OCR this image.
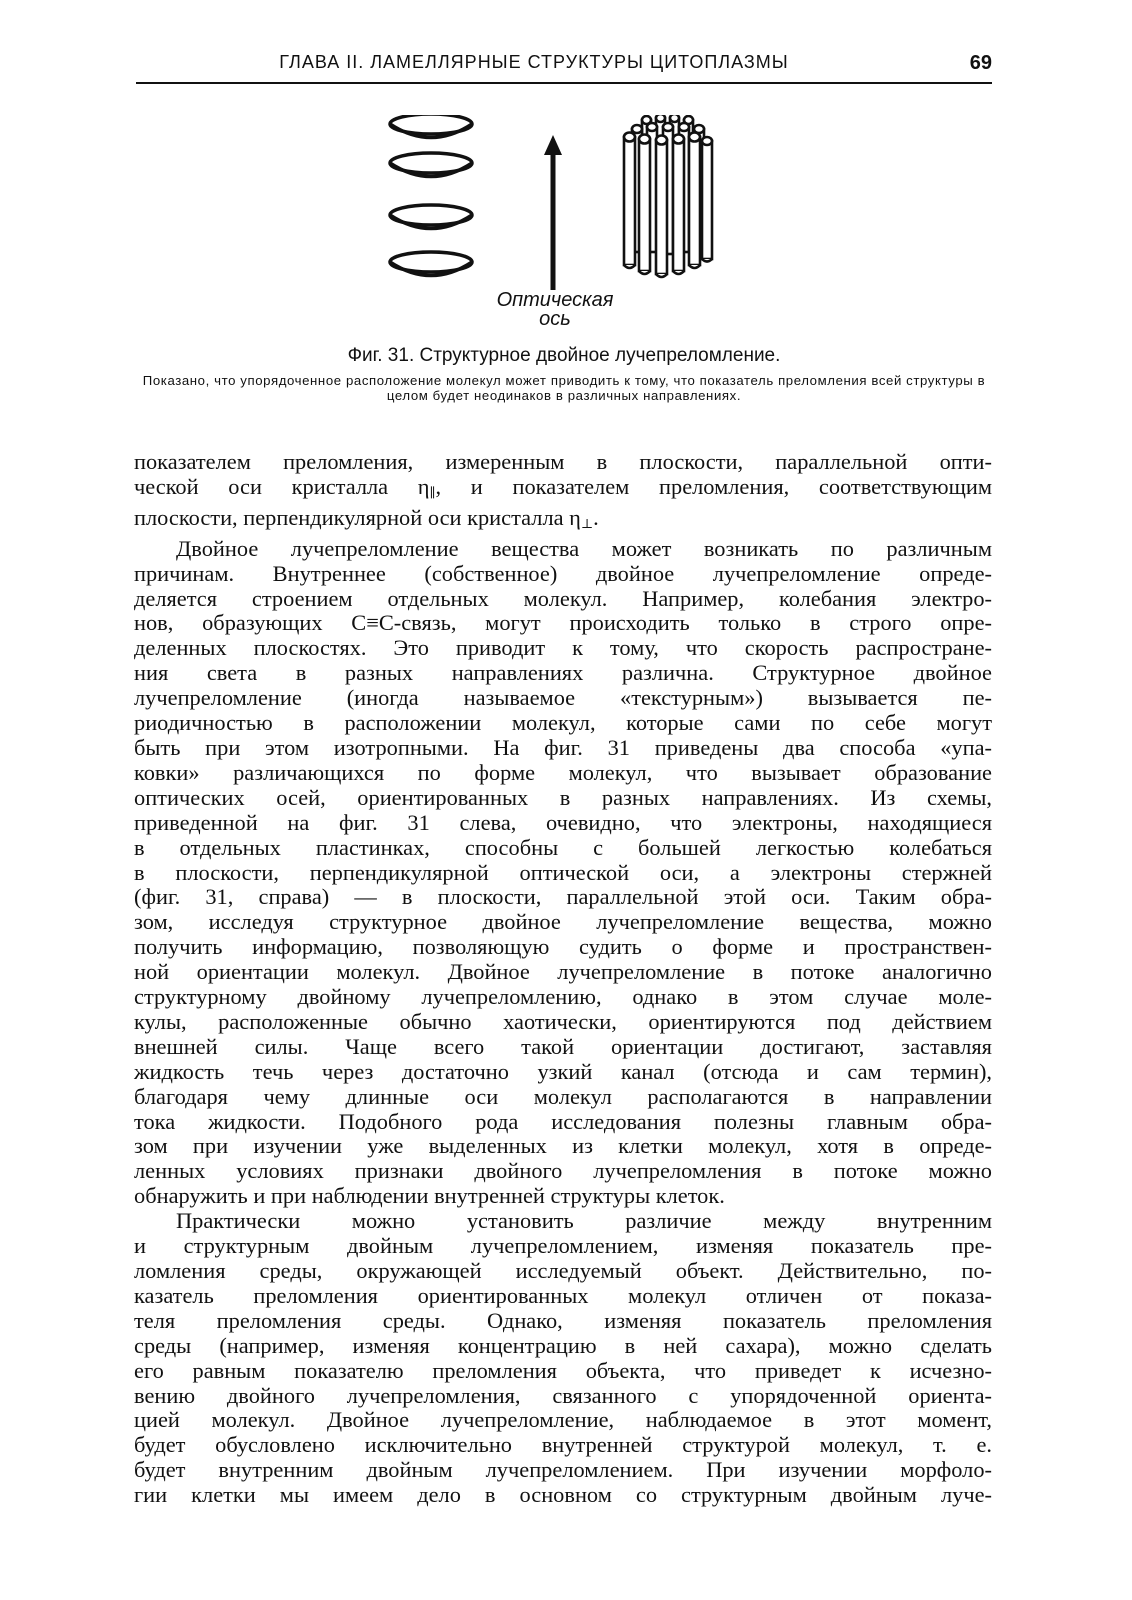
ГЛАВА II. ЛАМЕЛЛЯРНЫЕ СТРУКТУРЫ ЦИТОПЛАЗМЫ	69
Оптическая
ось
Фиг. 31. Структурное двойное лучепреломление.
Показано, что упорядоченное расположение молекул может приводить к тому, что показатель преломления всей структуры в целом будет неодинаков в различных направлениях.
показателем преломления, измеренным в плоскости, параллельной опти-
ческой оси кристалла $\eta_\parallel$, и показателем преломления, соответствующим
плоскости, перпендикулярной оси кристалла $\eta_\perp$.
Двойное лучепреломление вещества может возникать по различным
причинам. Внутреннее (собственное) двойное лучепреломление опреде-
деляется строением отдельных молекул. Например, колебания электро-
нов, образующих C≡C-связь, могут происходить только в строго опре-
деленных плоскостях. Это приводит к тому, что скорость распростране-
ния света в разных направлениях различна. Структурное двойное
лучепреломление (иногда называемое «текстурным») вызывается пе-
риодичностью в расположении молекул, которые сами по себе могут
быть при этом изотропными. На фиг. 31 приведены два способа «упа-
ковки» различающихся по форме молекул, что вызывает образование
оптических осей, ориентированных в разных направлениях. Из схемы,
приведенной на фиг. 31 слева, очевидно, что электроны, находящиеся
в отдельных пластинках, способны с большей легкостью колебаться
в плоскости, перпендикулярной оптической оси, а электроны стержней
(фиг. 31, справа) — в плоскости, параллельной этой оси. Таким обра-
зом, исследуя структурное двойное лучепреломление вещества, можно
получить информацию, позволяющую судить о форме и пространствен-
ной ориентации молекул. Двойное лучепреломление в потоке аналогично
структурному двойному лучепреломлению, однако в этом случае моле-
кулы, расположенные обычно хаотически, ориентируются под действием
внешней силы. Чаще всего такой ориентации достигают, заставляя
жидкость течь через достаточно узкий канал (отсюда и сам термин),
благодаря чему длинные оси молекул располагаются в направлении
тока жидкости. Подобного рода исследования полезны главным обра-
зом при изучении уже выделенных из клетки молекул, хотя в опреде-
ленных условиях признаки двойного лучепреломления в потоке можно
обнаружить и при наблюдении внутренней структуры клеток.
Практически можно установить различие между внутренним
и структурным двойным лучепреломлением, изменяя показатель пре-
ломления среды, окружающей исследуемый объект. Действительно, по-
казатель преломления ориентированных молекул отличен от показа-
теля преломления среды. Однако, изменяя показатель преломления
среды (например, изменяя концентрацию в ней сахара), можно сделать
его равным показателю преломления объекта, что приведет к исчезно-
вению двойного лучепреломления, связанного с упорядоченной ориента-
цией молекул. Двойное лучепреломление, наблюдаемое в этот момент,
будет обусловлено исключительно внутренней структурой молекул, т. е.
будет внутренним двойным лучепреломлением. При изучении морфоло-
гии клетки мы имеем дело в основном со структурным двойным луче-
